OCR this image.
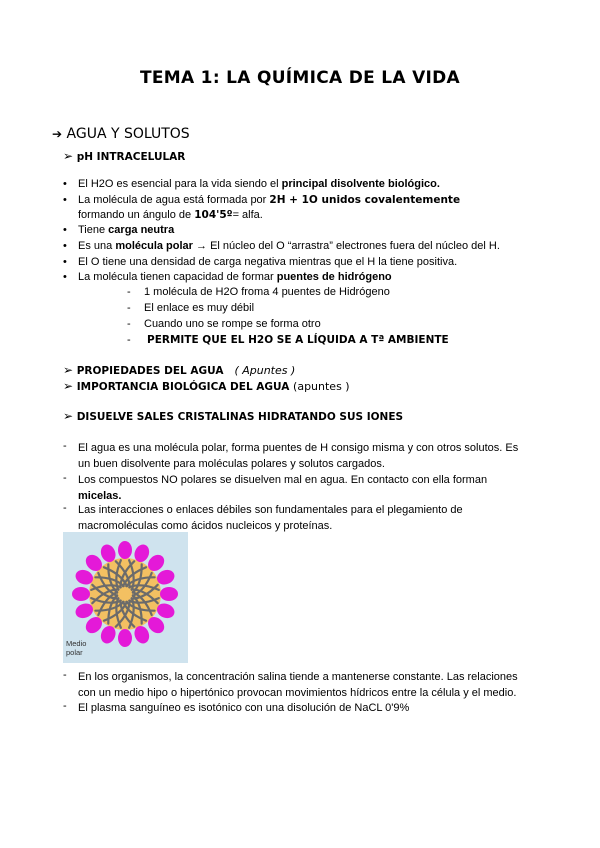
TEMA 1: LA QUÍMICA DE LA VIDA
➔ AGUA Y SOLUTOS
➢ pH INTRACELULAR
• El H2O es esencial para la vida siendo el principal disolvente biológico.
• La molécula de agua está formada por 2H + 1O unidos covalentemente
formando un ángulo de 104'5º= alfa.
• Tiene carga neutra
• Es una molécula polar → El núcleo del O “arrastra” electrones fuera del núcleo del H.
• El O tiene una densidad de carga negativa mientras que el H la tiene positiva.
• La molécula tienen capacidad de formar puentes de hidrógeno
- 1 molécula de H2O froma 4 puentes de Hidrógeno
- El enlace es muy débil
- Cuando uno se rompe se forma otro
- PERMITE QUE EL H2O SE A LÍQUIDA A Tª AMBIENTE
➢ PROPIEDADES DEL AGUA ( Apuntes )
➢ IMPORTANCIA BIOLÓGICA DEL AGUA (apuntes )
➢ DISUELVE SALES CRISTALINAS HIDRATANDO SUS IONES
- El agua es una molécula polar, forma puentes de H consigo misma y con otros solutos. Es
un buen disolvente para moléculas polares y solutos cargados.
- Los compuestos NO polares se disuelven mal en agua. En contacto con ella forman
micelas.
- Las interacciones o enlaces débiles son fundamentales para el plegamiento de
macromoléculas como ácidos nucleicos y proteínas.
Medio
polar
- En los organismos, la concentración salina tiende a mantenerse constante. Las relaciones
con un medio hipo o hipertónico provocan movimientos hídricos entre la célula y el medio.
- El plasma sanguíneo es isotónico con una disolución de NaCL 0'9%
